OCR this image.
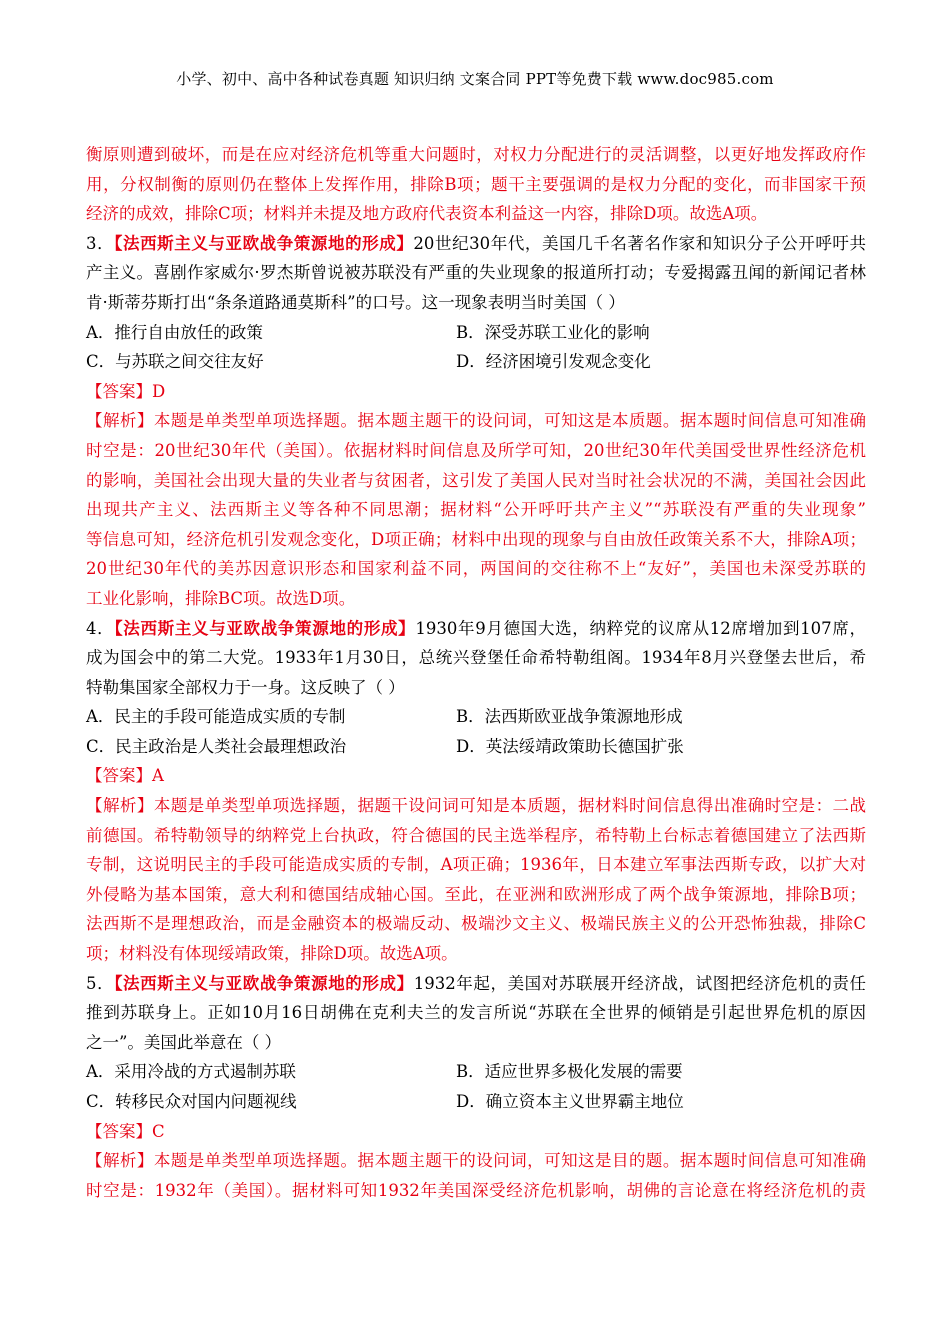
小学、初中、高中各种试卷真题 知识归纳 文案合同 PPT等免费下载 www.doc985.com
衡原则遭到破坏，而是在应对经济危机等重大问题时，对权力分配进行的灵活调整，以更好地发挥政府作
用，分权制衡的原则仍在整体上发挥作用，排除B项；题干主要强调的是权力分配的变化，而非国家干预
经济的成效，排除C项；材料并未提及地方政府代表资本利益这一内容，排除D项。故选A项。
3．【法西斯主义与亚欧战争策源地的形成】20世纪30年代，美国几千名著名作家和知识分子公开呼吁共
产主义。喜剧作家威尔·罗杰斯曾说被苏联没有严重的失业现象的报道所打动；专爱揭露丑闻的新闻记者林
肯·斯蒂芬斯打出“条条道路通莫斯科”的口号。这一现象表明当时美国（ ）
A．推行自由放任的政策	B．深受苏联工业化的影响
C．与苏联之间交往友好	D．经济困境引发观念变化
【答案】D
【解析】本题是单类型单项选择题。据本题主题干的设问词，可知这是本质题。据本题时间信息可知准确
时空是：20世纪30年代（美国）。依据材料时间信息及所学可知，20世纪30年代美国受世界性经济危机
的影响，美国社会出现大量的失业者与贫困者，这引发了美国人民对当时社会状况的不满，美国社会因此
出现共产主义、法西斯主义等各种不同思潮；据材料“公开呼吁共产主义”“苏联没有严重的失业现象”
等信息可知，经济危机引发观念变化，D项正确；材料中出现的现象与自由放任政策关系不大，排除A项；
20世纪30年代的美苏因意识形态和国家利益不同，两国间的交往称不上“友好”，美国也未深受苏联的
工业化影响，排除BC项。故选D项。
4．【法西斯主义与亚欧战争策源地的形成】1930年9月德国大选，纳粹党的议席从12席增加到107席，
成为国会中的第二大党。1933年1月30日，总统兴登堡任命希特勒组阁。1934年8月兴登堡去世后，希
特勒集国家全部权力于一身。这反映了（ ）
A．民主的手段可能造成实质的专制	B．法西斯欧亚战争策源地形成
C．民主政治是人类社会最理想政治	D．英法绥靖政策助长德国扩张
【答案】A
【解析】本题是单类型单项选择题，据题干设问词可知是本质题，据材料时间信息得出准确时空是：二战
前德国。希特勒领导的纳粹党上台执政，符合德国的民主选举程序，希特勒上台标志着德国建立了法西斯
专制，这说明民主的手段可能造成实质的专制，A项正确；1936年，日本建立军事法西斯专政，以扩大对
外侵略为基本国策，意大利和德国结成轴心国。至此，在亚洲和欧洲形成了两个战争策源地，排除B项；
法西斯不是理想政治，而是金融资本的极端反动、极端沙文主义、极端民族主义的公开恐怖独裁，排除C
项；材料没有体现绥靖政策，排除D项。故选A项。
5．【法西斯主义与亚欧战争策源地的形成】1932年起，美国对苏联展开经济战，试图把经济危机的责任
推到苏联身上。正如10月16日胡佛在克利夫兰的发言所说“苏联在全世界的倾销是引起世界危机的原因
之一”。美国此举意在（ ）
A．采用冷战的方式遏制苏联	B．适应世界多极化发展的需要
C．转移民众对国内问题视线	D．确立资本主义世界霸主地位
【答案】C
【解析】本题是单类型单项选择题。据本题主题干的设问词，可知这是目的题。据本题时间信息可知准确
时空是：1932年（美国）。据材料可知1932年美国深受经济危机影响，胡佛的言论意在将经济危机的责
